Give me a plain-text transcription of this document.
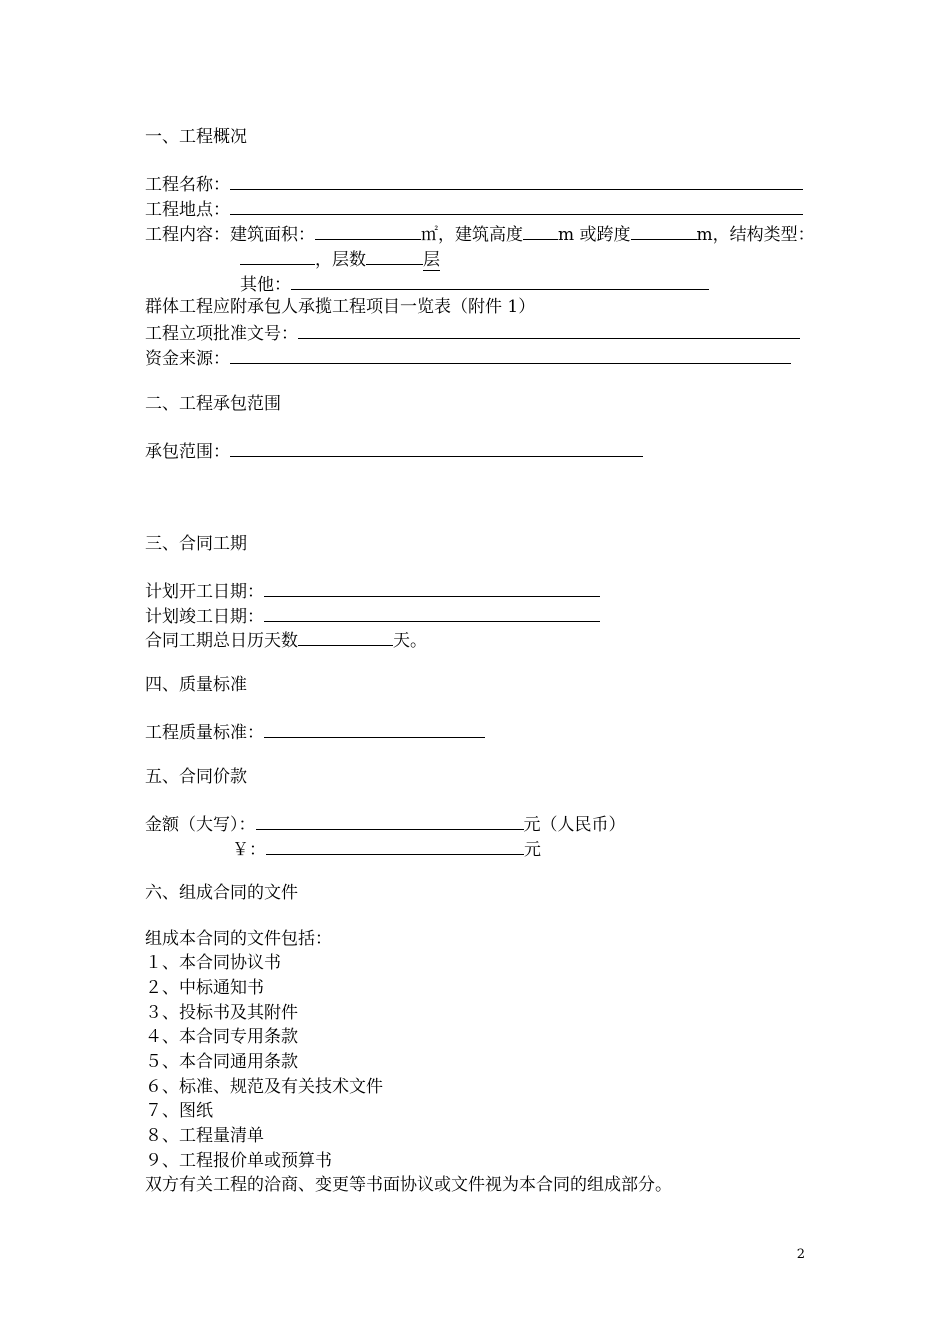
一、工程概况
工程名称：
工程地点：
工程内容：建筑面积：	㎡，建筑高度 m 或跨度	m，结构类型：
，层数	层
其他：
群体工程应附承包人承揽工程项目一览表（附件 1）
工程立项批准文号：
资金来源：
二、工程承包范围
承包范围：
三、合同工期
计划开工日期：
计划竣工日期：
合同工期总日历天数	天。
四、质量标准
工程质量标准：
五、合同价款
金额（大写）：	元（人民币）
￥：	元
六、组成合同的文件
组成本合同的文件包括：
１、本合同协议书
２、中标通知书
３、投标书及其附件
４、本合同专用条款
５、本合同通用条款
６、标准、规范及有关技术文件
７、图纸
８、工程量清单
９、工程报价单或预算书
双方有关工程的洽商、变更等书面协议或文件视为本合同的组成部分。
2
